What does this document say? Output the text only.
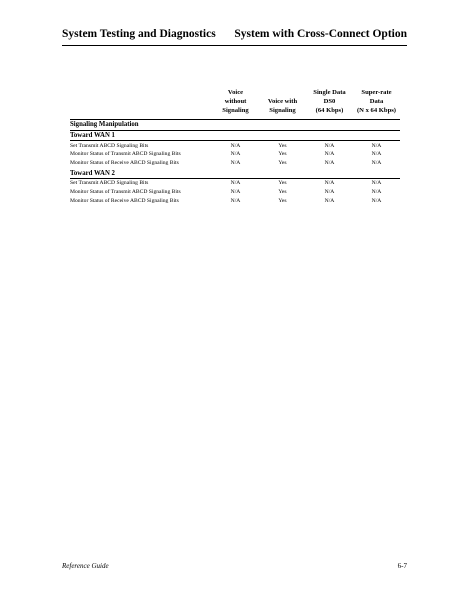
System Testing and Diagnostics System with Cross-Connect Option
	Voice
without
Signaling	Voice with
Signaling	Single Data
DS0
(64 Kbps)	Super-rate
Data
(N x 64 Kbps)
Signaling Manipulation				
Toward WAN 1				

Set Transmit ABCD Signaling Bits	N/A	Yes	N/A	N/A
Monitor Status of Transmit ABCD Signaling Bits	N/A	Yes	N/A	N/A
Monitor Status of Receive ABCD Signaling Bits	N/A	Yes	N/A	N/A
Toward WAN 2				

Set Transmit ABCD Signaling Bits	N/A	Yes	N/A	N/A
Monitor Status of Transmit ABCD Signaling Bits	N/A	Yes	N/A	N/A
Monitor Status of Receive ABCD Signaling Bits	N/A	Yes	N/A	N/A
Reference Guide	6-7
